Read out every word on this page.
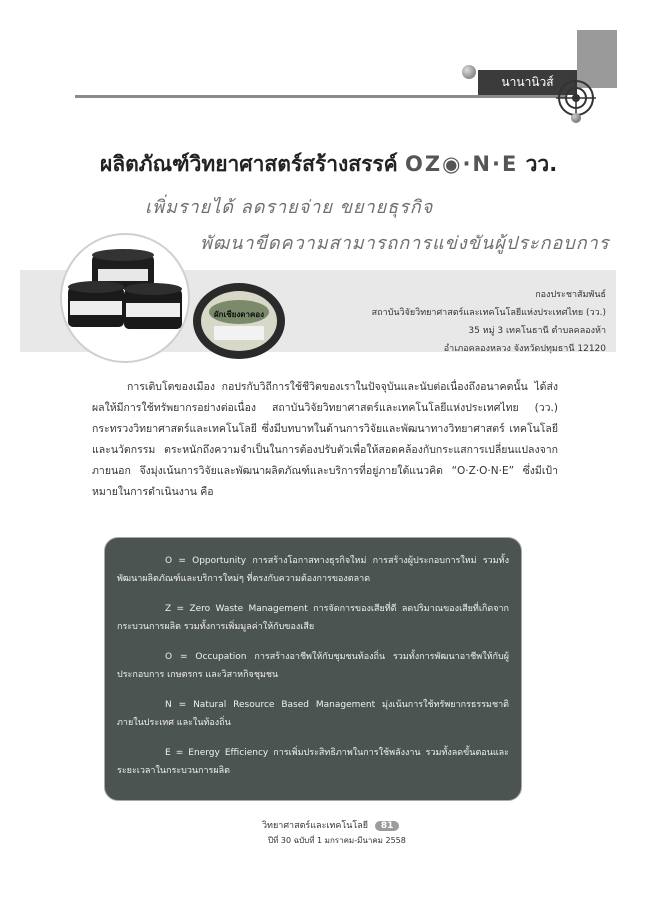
นานานิวส์
ผลิตภัณฑ์วิทยาศาสตร์สร้างสรรค์ OZ◉·N·E วว.
เพิ่มรายได้ ลดรายจ่าย ขยายธุรกิจ
พัฒนาขีดความสามารถการแข่งขันผู้ประกอบการ
ผักเชียงดาคอง
กองประชาสัมพันธ์
สถาบันวิจัยวิทยาศาสตร์และเทคโนโลยีแห่งประเทศไทย (วว.)
35 หมู่ 3 เทคโนธานี ตำบลคลองห้า
อำเภอคลองหลวง จังหวัดปทุมธานี 12120
การเติบโตของเมือง กอปรกับวิถีการใช้ชีวิตของเราในปัจจุบันและนับต่อเนื่องถึงอนาคตนั้น ได้ส่งผลให้มีการใช้ทรัพยากรอย่างต่อเนื่อง สถาบันวิจัยวิทยาศาสตร์และเทคโนโลยีแห่งประเทศไทย (วว.) กระทรวงวิทยาศาสตร์และเทคโนโลยี ซึ่งมีบทบาทในด้านการวิจัยและพัฒนาทางวิทยาศาสตร์ เทคโนโลยีและนวัตกรรม ตระหนักถึงความจำเป็นในการต้องปรับตัวเพื่อให้สอดคล้องกับกระแสการเปลี่ยนแปลงจากภายนอก จึงมุ่งเน้นการวิจัยและพัฒนาผลิตภัณฑ์และบริการที่อยู่ภายใต้แนวคิด “O·Z·O·N·E” ซึ่งมีเป้าหมายในการดำเนินงาน คือ
O = Opportunity การสร้างโอกาสทางธุรกิจใหม่ การสร้างผู้ประกอบการใหม่ รวมทั้งพัฒนาผลิตภัณฑ์และบริการใหม่ๆ ที่ตรงกับความต้องการของตลาด
Z = Zero Waste Management การจัดการของเสียที่ดี ลดปริมาณของเสียที่เกิดจากกระบวนการผลิต รวมทั้งการเพิ่มมูลค่าให้กับของเสีย
O = Occupation การสร้างอาชีพให้กับชุมชนท้องถิ่น รวมทั้งการพัฒนาอาชีพให้กับผู้ประกอบการ เกษตรกร และวิสาหกิจชุมชน
N = Natural Resource Based Management มุ่งเน้นการใช้ทรัพยากรธรรมชาติภายในประเทศ และในท้องถิ่น
E = Energy Efficiency การเพิ่มประสิทธิภาพในการใช้พลังงาน รวมทั้งลดขั้นตอนและระยะเวลาในกระบวนการผลิต
วิทยาศาสตร์และเทคโนโลยี 81
ปีที่ 30 ฉบับที่ 1 มกราคม-มีนาคม 2558
